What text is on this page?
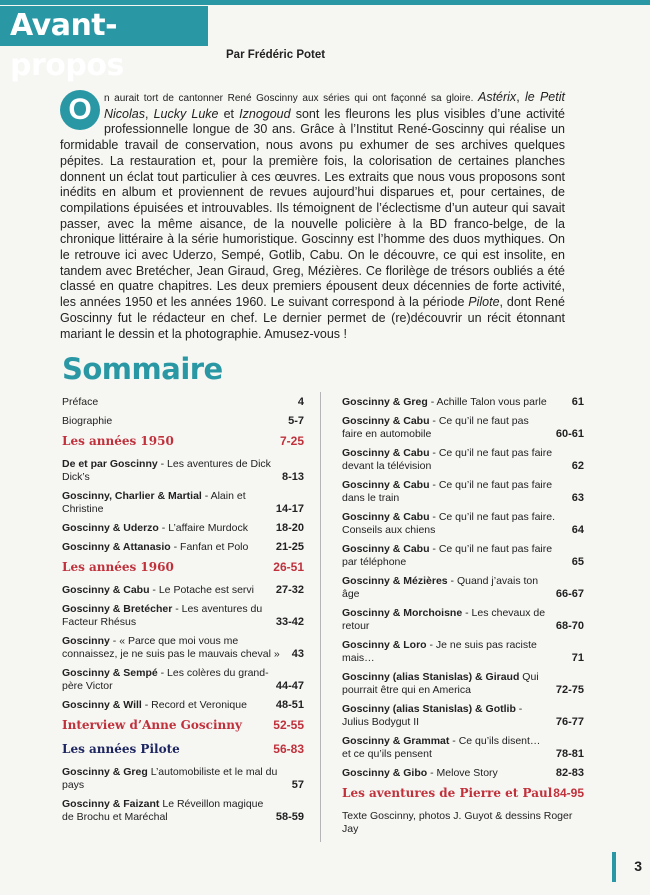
Avant-propos	Par Frédéric Potet
O	n aurait tort de cantonner René Goscinny aux séries qui ont façonné sa gloire. Astérix, le Petit Nicolas, Lucky Luke et Iznogoud sont les fleurons les plus visibles d’une activité professionnelle longue de 30 ans. Grâce à l’Institut René-Goscinny qui réalise un formidable travail de conservation, nous avons pu exhumer de ses archives quelques pépites. La restauration et, pour la première fois, la colorisation de certaines planches donnent un éclat tout particulier à ces œuvres. Les extraits que nous vous proposons sont inédits en album et proviennent de revues aujourd’hui disparues et, pour certaines, de compilations épuisées et introuvables. Ils témoignent de l’éclectisme d’un auteur qui savait passer, avec la même aisance, de la nouvelle policière à la BD franco-belge, de la chronique littéraire à la série humoristique. Goscinny est l’homme des duos mythiques. On le retrouve ici avec Uderzo, Sempé, Gotlib, Cabu. On le découvre, ce qui est insolite, en tandem avec Bretécher, Jean Giraud, Greg, Mézières. Ce florilège de trésors oubliés a été classé en quatre chapitres. Les deux premiers épousent deux décennies de forte activité, les années 1950 et les années 1960. Le suivant correspond à la période Pilote, dont René Goscinny fut le rédacteur en chef. Le dernier permet de (re)découvrir un récit étonnant mariant le dessin et la photographie. Amusez-vous !
Sommaire
Préface	4
Biographie	5-7
Les années 1950	7-25
De et par Goscinny - Les aventures de Dick Dick’s	8-13
Goscinny, Charlier & Martial - Alain et Christine	14-17
Goscinny & Uderzo - L’affaire Murdock	18-20
Goscinny & Attanasio - Fanfan et Polo	21-25
Les années 1960	26-51
Goscinny & Cabu - Le Potache est servi	27-32
Goscinny & Bretécher - Les aventures du Facteur Rhésus	33-42
Goscinny - « Parce que moi vous me connaissez, je ne suis pas le mauvais cheval »	43
Goscinny & Sempé - Les colères du grand-père Victor	44-47
Goscinny & Will - Record et Veronique	48-51
Interview d’Anne Goscinny	52-55
Les années Pilote	56-83
Goscinny & Greg L’automobiliste et le mal du pays	57
Goscinny & Faizant Le Réveillon magique de Brochu et Maréchal	58-59
Goscinny & Greg - Achille Talon vous parle	61
Goscinny & Cabu - Ce qu’il ne faut pas faire en automobile	60-61
Goscinny & Cabu - Ce qu’il ne faut pas faire devant la télévision	62
Goscinny & Cabu - Ce qu’il ne faut pas faire dans le train	63
Goscinny & Cabu - Ce qu’il ne faut pas faire. Conseils aux chiens	64
Goscinny & Cabu - Ce qu’il ne faut pas faire par téléphone	65
Goscinny & Mézières - Quand j’avais ton âge	66-67
Goscinny & Morchoisne - Les chevaux de retour	68-70
Goscinny & Loro - Je ne suis pas raciste mais…	71
Goscinny (alias Stanislas) & Giraud Qui pourrait être qui en America	72-75
Goscinny (alias Stanislas) & Gotlib - Julius Bodygut II	76-77
Goscinny & Grammat - Ce qu’ils disent… et ce qu’ils pensent	78-81
Goscinny & Gibo - Melove Story	82-83
Les aventures de Pierre et Paul 84-95
Texte Goscinny, photos J. Guyot & dessins Roger Jay
3
